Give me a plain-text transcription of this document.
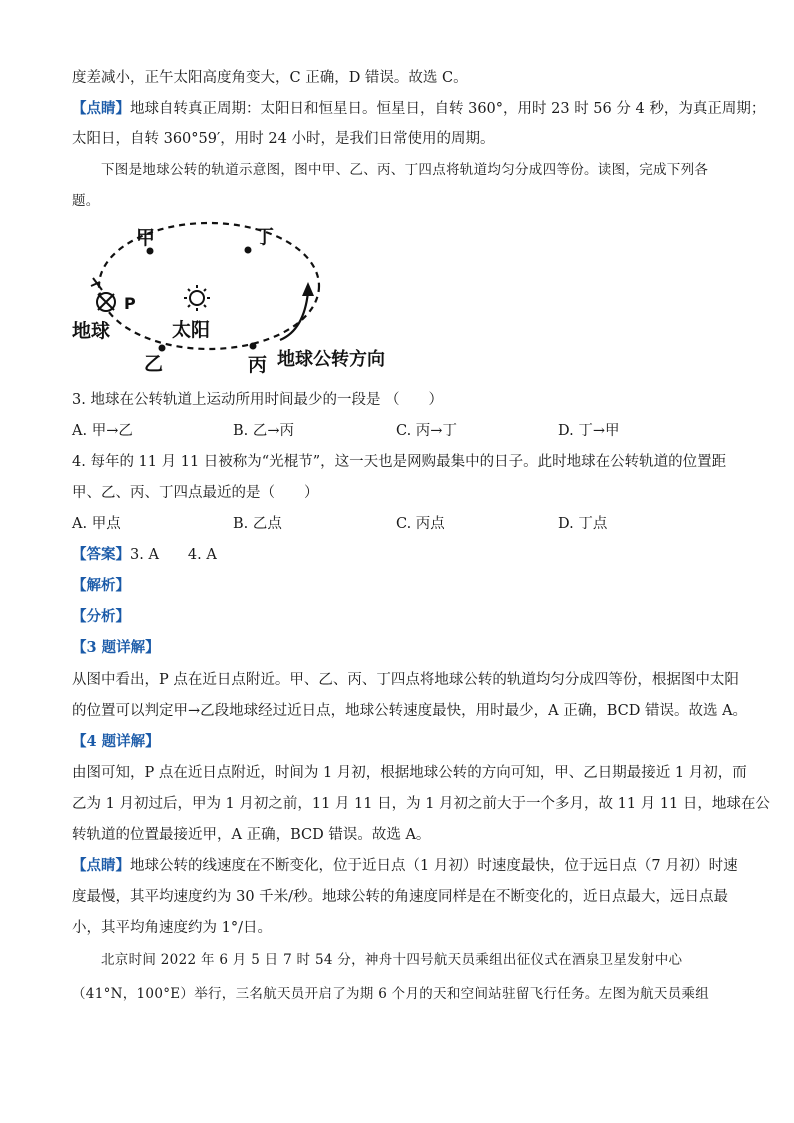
度差减小，正午太阳高度角变大，C 正确，D 错误。故选 C。
【点睛】地球自转真正周期：太阳日和恒星日。恒星日，自转 360°，用时 23 时 56 分 4 秒，为真正周期；
太阳日，自转 360°59′，用时 24 小时，是我们日常使用的周期。
下图是地球公转的轨道示意图，图中甲、乙、丙、丁四点将轨道均匀分成四等份。读图，完成下列各
题。
甲	丁
P
地球	太阳
乙	丙 地球公转方向
3. 地球在公转轨道上运动所用时间最少的一段是 （　　）
A. 甲→乙	B. 乙→丙	C. 丙→丁	D. 丁→甲
4. 每年的 11 月 11 日被称为“光棍节”，这一天也是网购最集中的日子。此时地球在公转轨道的位置距
甲、乙、丙、丁四点最近的是（　　）
A. 甲点	B. 乙点	C. 丙点	D. 丁点
【答案】3. A　　4. A
【解析】
【分析】
【3 题详解】
从图中看出，P 点在近日点附近。甲、乙、丙、丁四点将地球公转的轨道均匀分成四等份，根据图中太阳
的位置可以判定甲→乙段地球经过近日点，地球公转速度最快，用时最少，A 正确，BCD 错误。故选 A。
【4 题详解】
由图可知，P 点在近日点附近，时间为 1 月初，根据地球公转的方向可知，甲、乙日期最接近 1 月初，而
乙为 1 月初过后，甲为 1 月初之前，11 月 11 日，为 1 月初之前大于一个多月，故 11 月 11 日，地球在公
转轨道的位置最接近甲，A 正确，BCD 错误。故选 A。
【点睛】地球公转的线速度在不断变化，位于近日点（1 月初）时速度最快，位于远日点（7 月初）时速
度最慢，其平均速度约为 30 千米/秒。地球公转的角速度同样是在不断变化的，近日点最大，远日点最
小，其平均角速度约为 1°/日。
北京时间 2022 年 6 月 5 日 7 时 54 分，神舟十四号航天员乘组出征仪式在酒泉卫星发射中心
（41°N，100°E）举行，三名航天员开启了为期 6 个月的天和空间站驻留飞行任务。左图为航天员乘组
